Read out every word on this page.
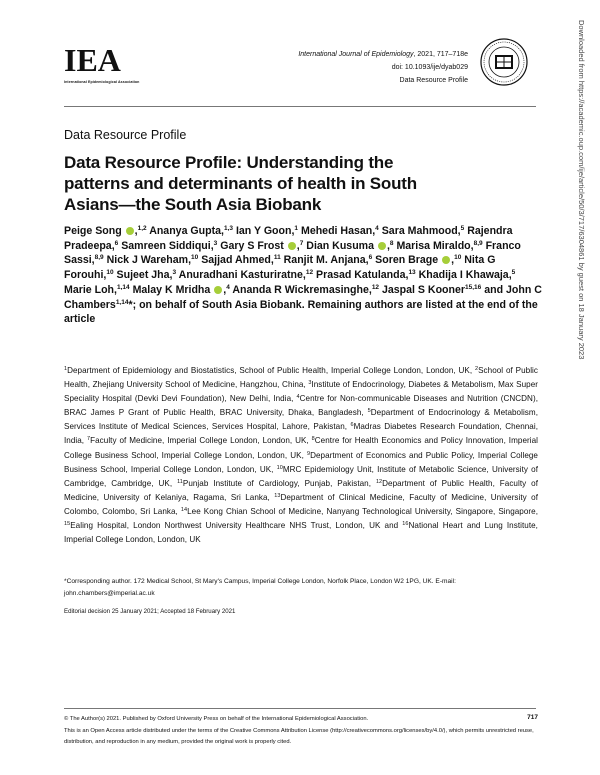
IEA
International Epidemiological Association
International Journal of Epidemiology, 2021, 717–718e
doi: 10.1093/ije/dyab029
Data Resource Profile
Data Resource Profile
Data Resource Profile: Understanding the patterns and determinants of health in South Asians—the South Asia Biobank
Peige Song ,$^{1,2}$ Ananya Gupta,$^{1,3}$ Ian Y Goon,$^1$ Mehedi Hasan,$^4$ Sara Mahmood,$^5$ Rajendra Pradeepa,$^6$ Samreen Siddiqui,$^3$ Gary S Frost ,$^7$ Dian Kusuma ,$^8$ Marisa Miraldo,$^{8,9}$ Franco Sassi,$^{8,9}$ Nick J Wareham,$^{10}$ Sajjad Ahmed,$^{11}$ Ranjit M. Anjana,$^6$ Soren Brage ,$^{10}$ Nita G Forouhi,$^{10}$ Sujeet Jha,$^3$ Anuradhani Kasturiratne,$^{12}$ Prasad Katulanda,$^{13}$ Khadija I Khawaja,$^5$ Marie Loh,$^{1,14}$ Malay K Mridha ,$^4$ Ananda R Wickremasinghe,$^{12}$ Jaspal S Kooner$^{15,16}$ and John C Chambers$^{1,14}$*; on behalf of South Asia Biobank. Remaining authors are listed at the end of the article
$^1$Department of Epidemiology and Biostatistics, School of Public Health, Imperial College London, London, UK, $^2$School of Public Health, Zhejiang University School of Medicine, Hangzhou, China, $^3$Institute of Endocrinology, Diabetes & Metabolism, Max Super Speciality Hospital (Devki Devi Foundation), New Delhi, India, $^4$Centre for Non-communicable Diseases and Nutrition (CNCDN), BRAC James P Grant of Public Health, BRAC University, Dhaka, Bangladesh, $^5$Department of Endocrinology & Metabolism, Services Institute of Medical Sciences, Services Hospital, Lahore, Pakistan, $^6$Madras Diabetes Research Foundation, Chennai, India, $^7$Faculty of Medicine, Imperial College London, London, UK, $^8$Centre for Health Economics and Policy Innovation, Imperial College Business School, Imperial College London, London, UK, $^9$Department of Economics and Public Policy, Imperial College Business School, Imperial College London, London, UK, $^{10}$MRC Epidemiology Unit, Institute of Metabolic Science, University of Cambridge, Cambridge, UK, $^{11}$Punjab Institute of Cardiology, Punjab, Pakistan, $^{12}$Department of Public Health, Faculty of Medicine, University of Kelaniya, Ragama, Sri Lanka, $^{13}$Department of Clinical Medicine, Faculty of Medicine, University of Colombo, Colombo, Sri Lanka, $^{14}$Lee Kong Chian School of Medicine, Nanyang Technological University, Singapore, Singapore, $^{15}$Ealing Hospital, London Northwest University Healthcare NHS Trust, London, UK and $^{16}$National Heart and Lung Institute, Imperial College London, London, UK
*Corresponding author. 172 Medical School, St Mary's Campus, Imperial College London, Norfolk Place, London W2 1PG, UK. E-mail: john.chambers@imperial.ac.uk
Editorial decision 25 January 2021; Accepted 18 February 2021
© The Author(s) 2021. Published by Oxford University Press on behalf of the International Epidemiological Association.
This is an Open Access article distributed under the terms of the Creative Commons Attribution License (http://creativecommons.org/licenses/by/4.0/), which permits unrestricted reuse, distribution, and reproduction in any medium, provided the original work is properly cited.
717
Downloaded from https://academic.oup.com/ije/article/50/3/717/6304861 by guest on 18 January 2023
